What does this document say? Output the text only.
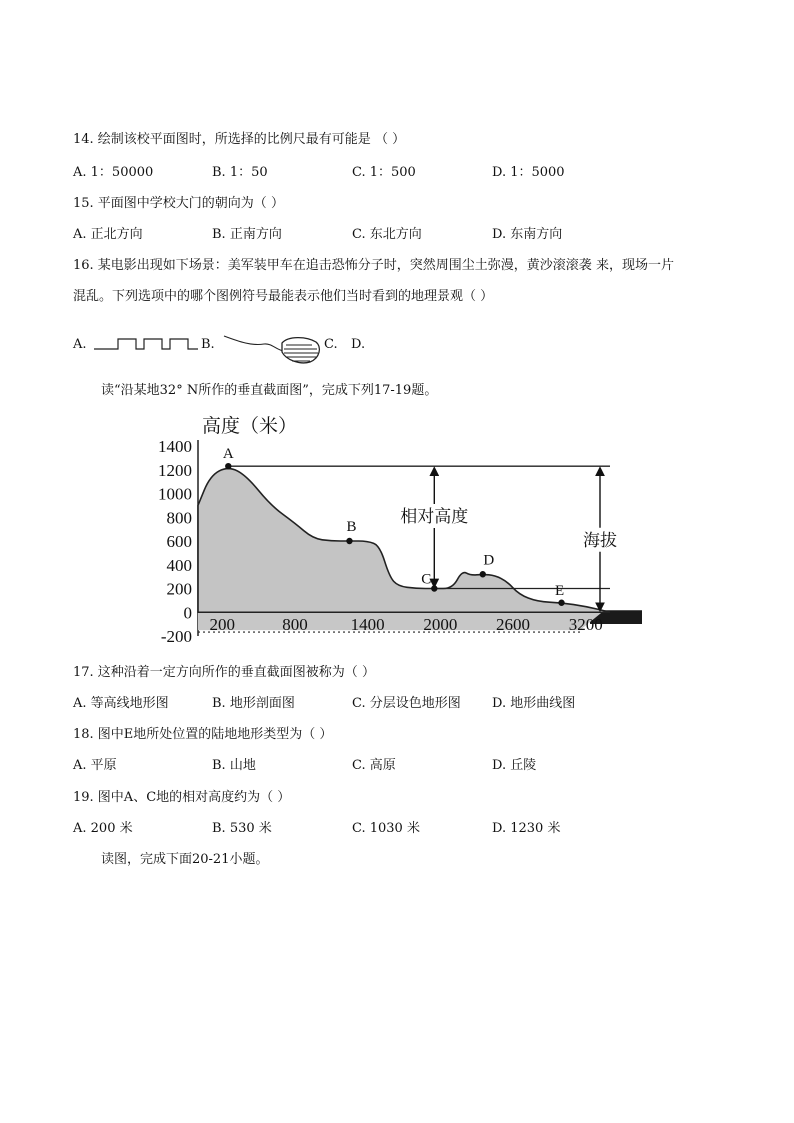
14. 绘制该校平面图时，所选择的比例尺最有可能是 （ ）
A. 1：50000	B. 1：50	C. 1：500	D. 1：5000
15. 平面图中学校大门的朝向为（ ）
A. 正北方向	B. 正南方向	C. 东北方向	D. 东南方向
16. 某电影出现如下场景：美军装甲车在追击恐怖分子时，突然周围尘土弥漫，黄沙滚滚袭 来，现场一片
混乱。下列选项中的哪个图例符号最能表示他们当时看到的地理景观（ ）
A.	B.	C. D.
读“沿某地32° N所作的垂直截面图”，完成下列17-19题。
高度（米）
1400
1200
1000
800
600
400
200
0
-200
200	800	1400 2000 2600 3200
相对高度
海拔
A
B
C
D
E
17. 这种沿着一定方向所作的垂直截面图被称为（ ）
A. 等高线地形图	B. 地形剖面图	C. 分层设色地形图 D. 地形曲线图
18. 图中E地所处位置的陆地地形类型为（ ）
A. 平原	B. 山地	C. 高原	D. 丘陵
19. 图中A、C地的相对高度约为（ ）
A. 200 米	B. 530 米	C. 1030 米	D. 1230 米
读图，完成下面20-21小题。
